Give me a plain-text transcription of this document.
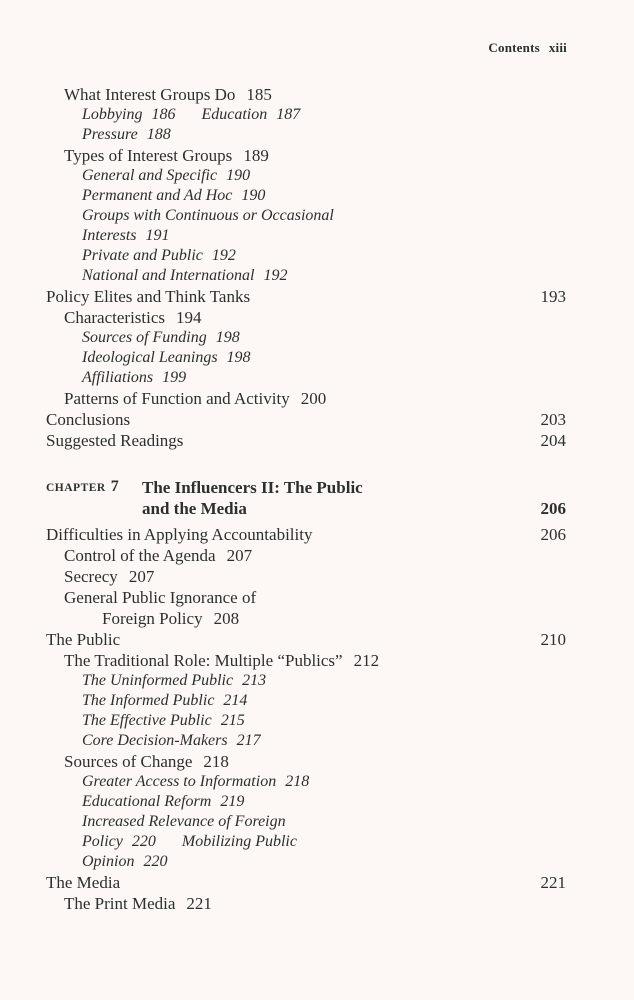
Contents xiii
What Interest Groups Do 185
Lobbying 186 Education 187
Pressure 188
Types of Interest Groups 189
General and Specific 190
Permanent and Ad Hoc 190
Groups with Continuous or Occasional
Interests 191
Private and Public 192
National and International 192
Policy Elites and Think Tanks	193
Characteristics 194
Sources of Funding 198
Ideological Leanings 198
Affiliations 199
Patterns of Function and Activity 200
Conclusions	203
Suggested Readings	204
CHAPTER 7 The Influencers II: The Public
and the Media	206
Difficulties in Applying Accountability	206
Control of the Agenda 207
Secrecy 207
General Public Ignorance of
Foreign Policy 208
The Public	210
The Traditional Role: Multiple “Publics” 212
The Uninformed Public 213
The Informed Public 214
The Effective Public 215
Core Decision-Makers 217
Sources of Change 218
Greater Access to Information 218
Educational Reform 219
Increased Relevance of Foreign
Policy 220 Mobilizing Public
Opinion 220
The Media	221
The Print Media 221
